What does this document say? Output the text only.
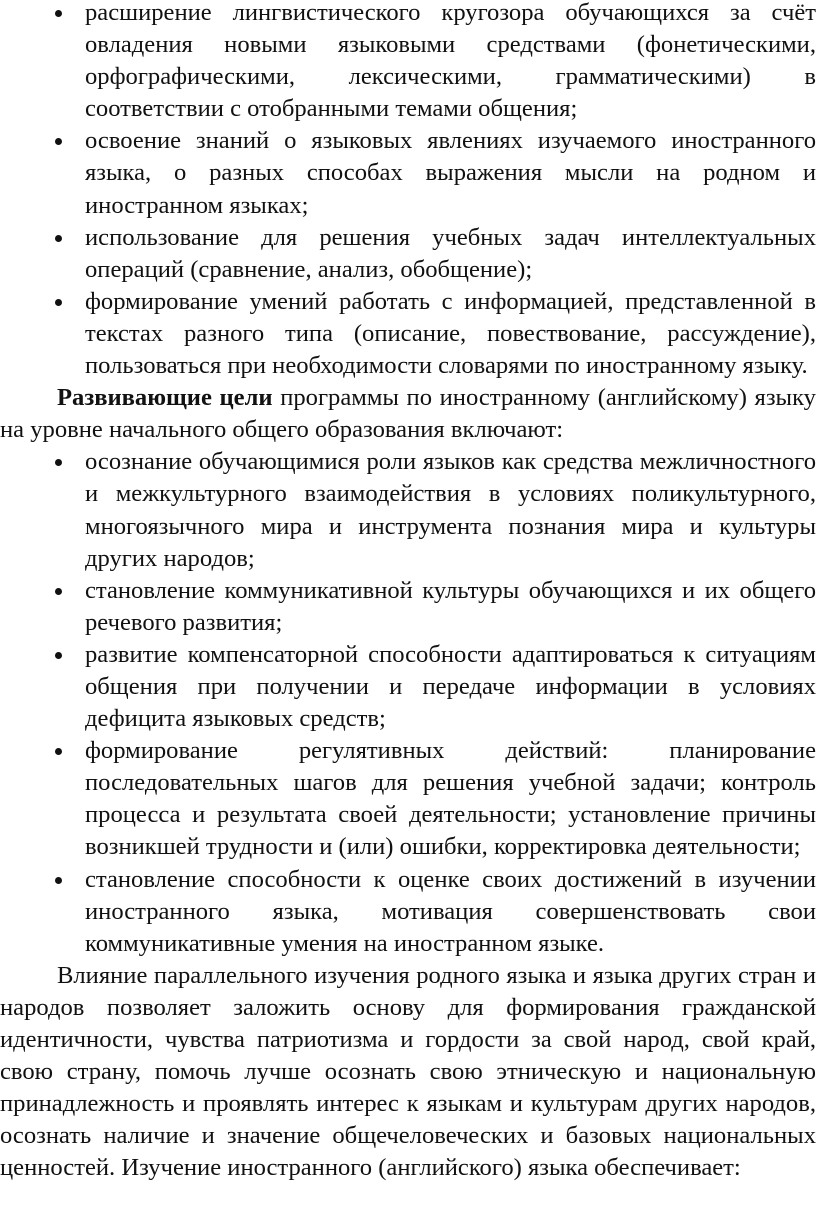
расширение лингвистического кругозора обучающихся за счёт овладения новыми языковыми средствами (фонетическими, орфографическими, лексическими, грамматическими) в соответствии с отобранными темами общения;
освоение знаний о языковых явлениях изучаемого иностранного языка, о разных способах выражения мысли на родном и иностранном языках;
использование для решения учебных задач интеллектуальных операций (сравнение, анализ, обобщение);
формирование умений работать с информацией, представленной в текстах разного типа (описание, повествование, рассуждение), пользоваться при необходимости словарями по иностранному языку.

Развивающие цели программы по иностранному (английскому) языку на уровне начального общего образования включают:

осознание обучающимися роли языков как средства межличностного и межкультурного взаимодействия в условиях поликультурного, многоязычного мира и инструмента познания мира и культуры других народов;
становление коммуникативной культуры обучающихся и их общего речевого развития;
развитие компенсаторной способности адаптироваться к ситуациям общения при получении и передаче информации в условиях дефицита языковых средств;
формирование регулятивных действий: планирование последовательных шагов для решения учебной задачи; контроль процесса и результата своей деятельности; установление причины возникшей трудности и (или) ошибки, корректировка деятельности;
становление способности к оценке своих достижений в изучении иностранного языка, мотивация совершенствовать свои коммуникативные умения на иностранном языке.

Влияние параллельного изучения родного языка и языка других стран и народов позволяет заложить основу для формирования гражданской идентичности, чувства патриотизма и гордости за свой народ, свой край, свою страну, помочь лучше осознать свою этническую и национальную принадлежность и проявлять интерес к языкам и культурам других народов, осознать наличие и значение общечеловеческих и базовых национальных ценностей. Изучение иностранного (английского) языка обеспечивает:
